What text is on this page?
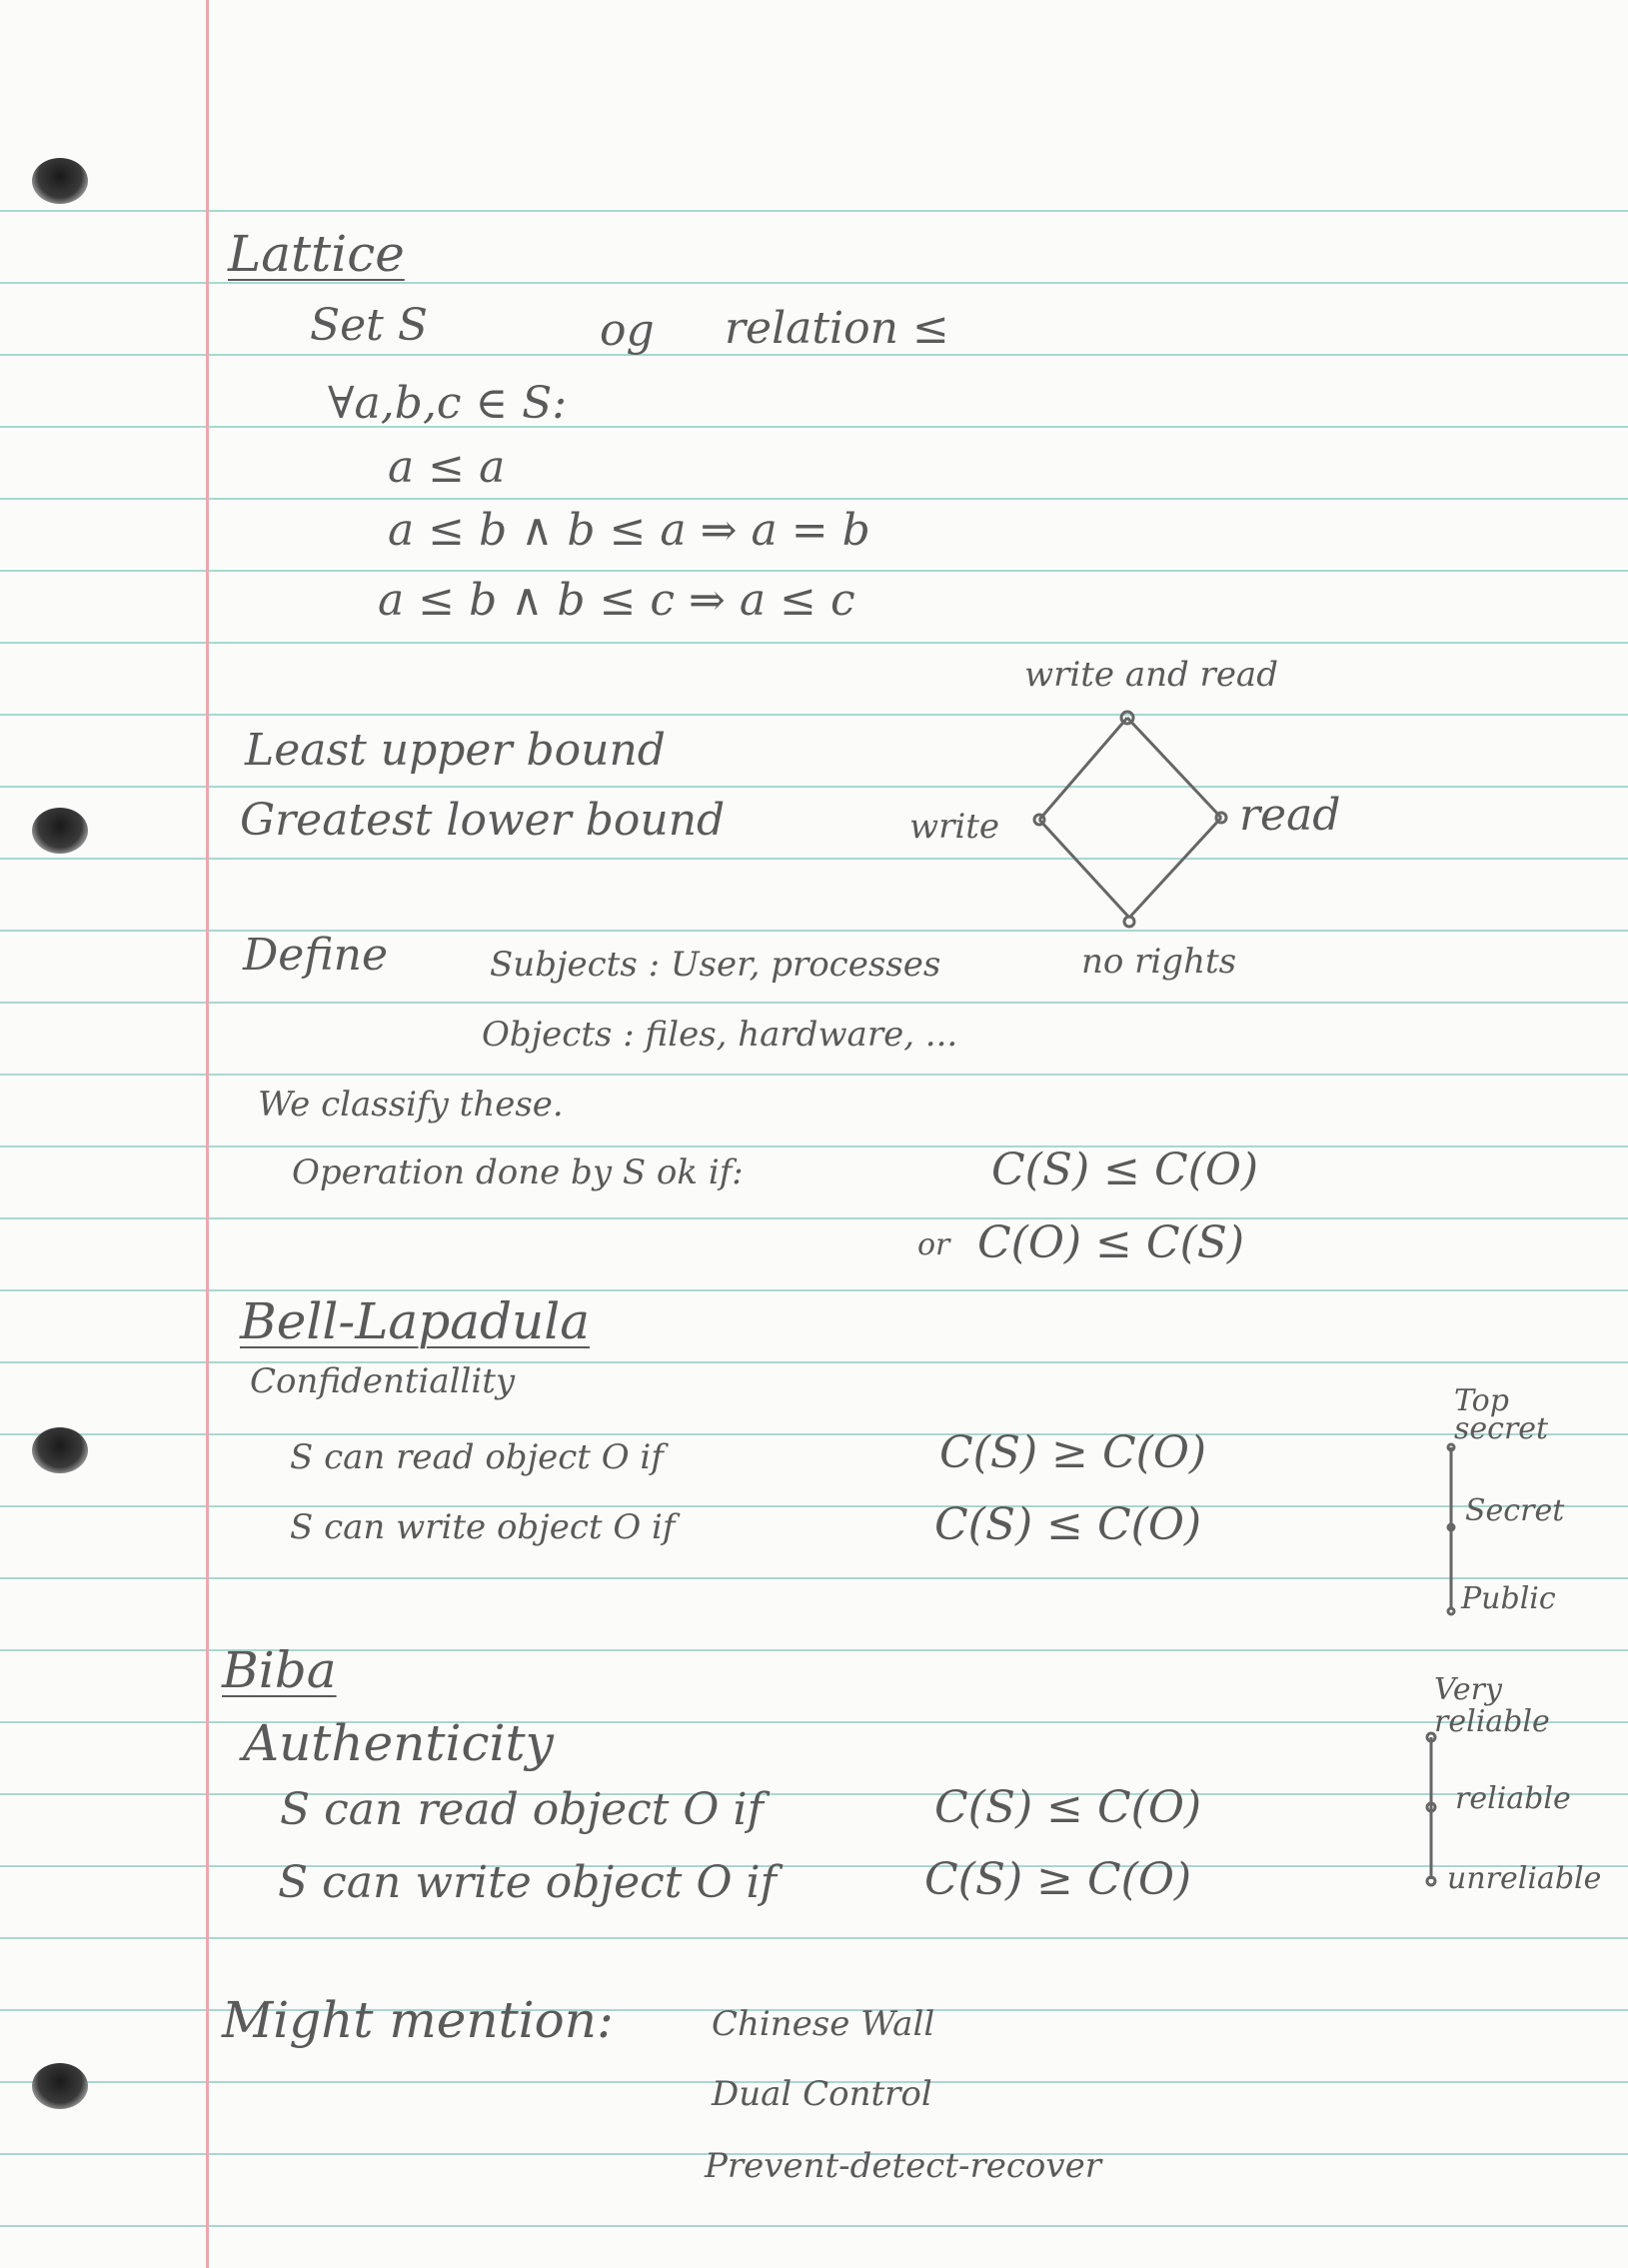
Lattice
Set S	og relation ≤
∀a,b,c ∈ S:
a ≤ a
a ≤ b ∧ b ≤ a ⇒ a = b
a ≤ b ∧ b ≤ c ⇒ a ≤ c
Least upper bound
Greatest lower bound
write and read
write	read
no rights
Define	Subjects : User, processes
Objects : files, hardware, ...
We classify these.
Operation done by S ok if:	C(S) ≤ C(O)
or C(O) ≤ C(S)
Bell-Lapadula
Confidentiallity
S can read object O if	C(S) ≥ C(O)
S can write object O if	C(S) ≤ C(O)
Top secret
Secret
Public
Biba
Authenticity
S can read object O if	C(S) ≤ C(O)
S can write object O if	C(S) ≥ C(O)
Very reliable
reliable
unreliable
Might mention:	Chinese Wall
Dual Control
Prevent-detect-recover
